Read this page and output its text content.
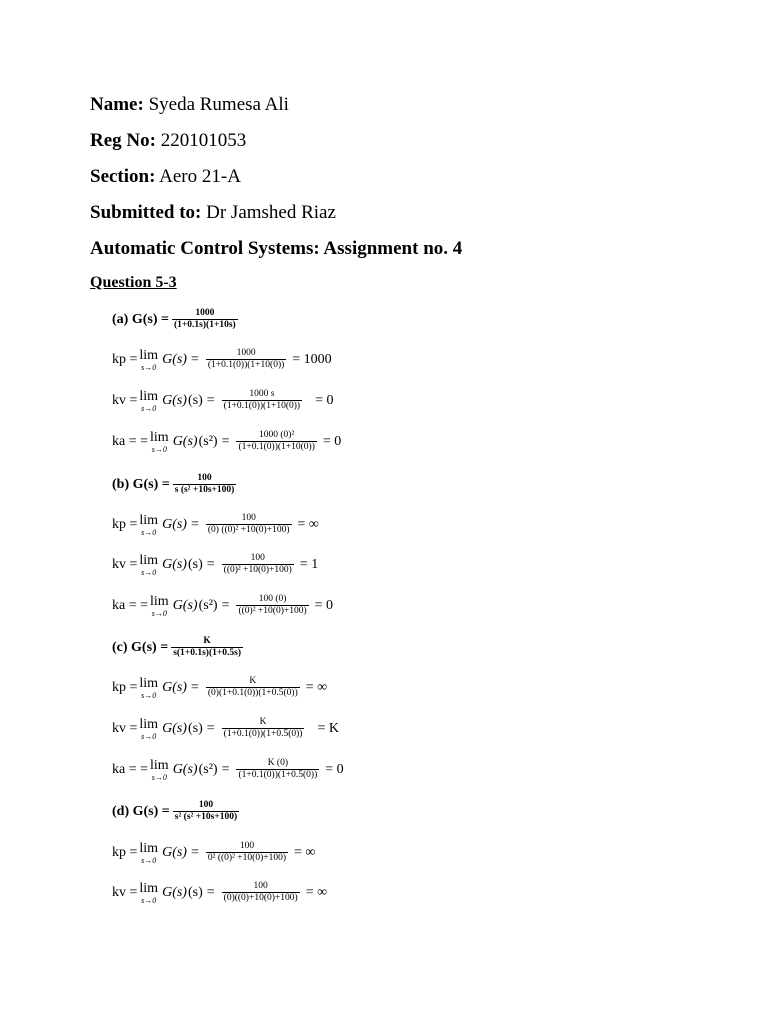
Name: Syeda Rumesa Ali
Reg No: 220101053
Section: Aero 21-A
Submitted to: Dr Jamshed Riaz
Automatic Control Systems: Assignment no. 4
Question 5-3
(a) $G(s) = \frac{1000}{(1+0.1s)(1+10s)}$
kp = lim
s→0 $G(s) = \frac{1000}{(1+0.1(0))(1+10(0))} = 1000$
kv = lim
s→0 G(s) $(s) = \frac{1000 s}{(1+0.1(0))(1+10(0))} = 0$
ka = = lim
s→0 G(s) $(s^2) = \frac{\text{1000 (0)²}}{(1+0.1(0))(1+10(0))} = 0$
(b) $G(s) = \frac{100}{\text{s (s² +10s+100)}}$
kp = lim
s→0 $G(s) = \frac{100}{\text{(0) ((0)² +10(0)+100)}}$ = ∞
kv = lim
s→0 G(s) $(s) = \frac{100}{\text{((0)² +10(0)+100)}} = 1$
ka = = lim
s→0 G(s) $(s^2) = \frac{100 (0)}{\text{((0)² +10(0)+100)}} = 0$
(c) $G(s) = \frac{K}{s(1+0.1s)(1+0.5s)}$
kp = lim
s→0 $G(s) = \frac{K}{(0)(1+0.1(0))(1+0.5(0))}$ = ∞
kv = lim
s→0 G(s) $(s) = \frac{K}{(1+0.1(0))(1+0.5(0))} = K$
ka = = lim
s→0 G(s) $(s^2) = \frac{K (0)}{(1+0.1(0))(1+0.5(0))} = 0$
(d) $G(s) = \frac{100}{\text{s² (s² +10s+100)}}$
kp = lim
s→0 $G(s) = \frac{100}{\text{0² ((0)² +10(0)+100)}}$ = ∞
kv = lim
s→0 G(s) $(s) = \frac{100}{(0)((0)+10(0)+100)}$ = ∞
